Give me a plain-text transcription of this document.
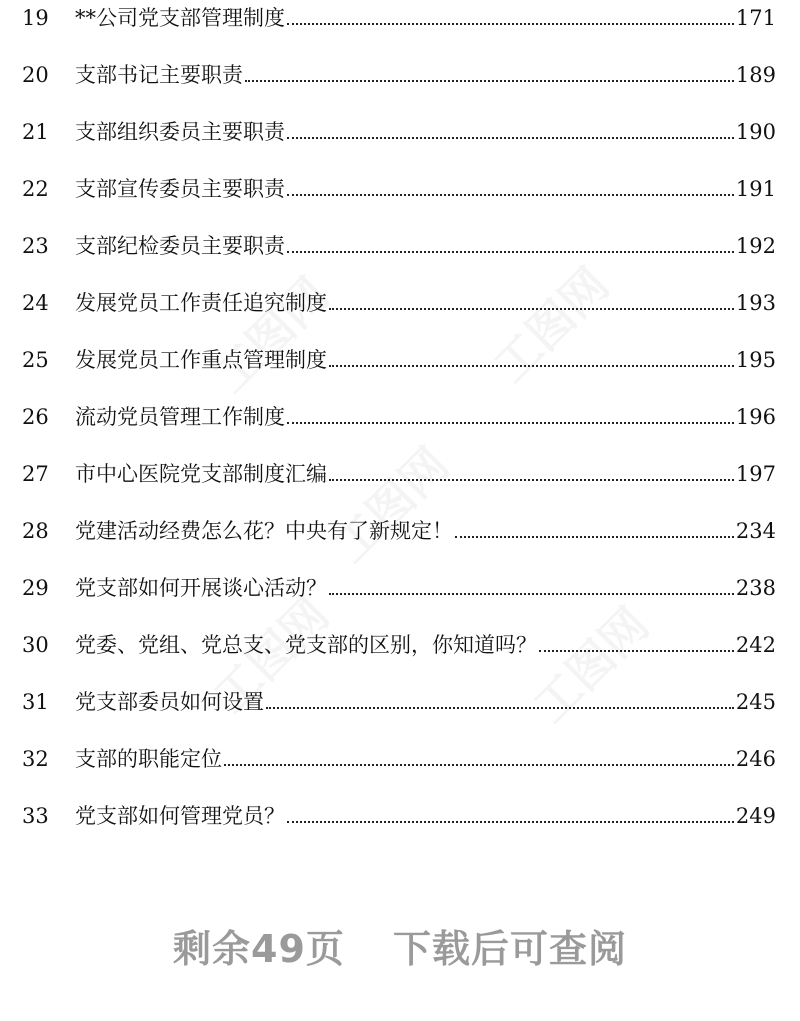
19	**公司党支部管理制度	171
20	支部书记主要职责	189
21	支部组织委员主要职责	190
22	支部宣传委员主要职责	191
23	支部纪检委员主要职责	192
24	发展党员工作责任追究制度	193
25	发展党员工作重点管理制度	195
26	流动党员管理工作制度	196
27	市中心医院党支部制度汇编	197
28	党建活动经费怎么花？中央有了新规定！	234
29	党支部如何开展谈心活动？	238
30	党委、党组、党总支、党支部的区别，你知道吗？	242
31	党支部委员如何设置	245
32	支部的职能定位	246
33	党支部如何管理党员？	249
剩余49页 下载后可查阅
